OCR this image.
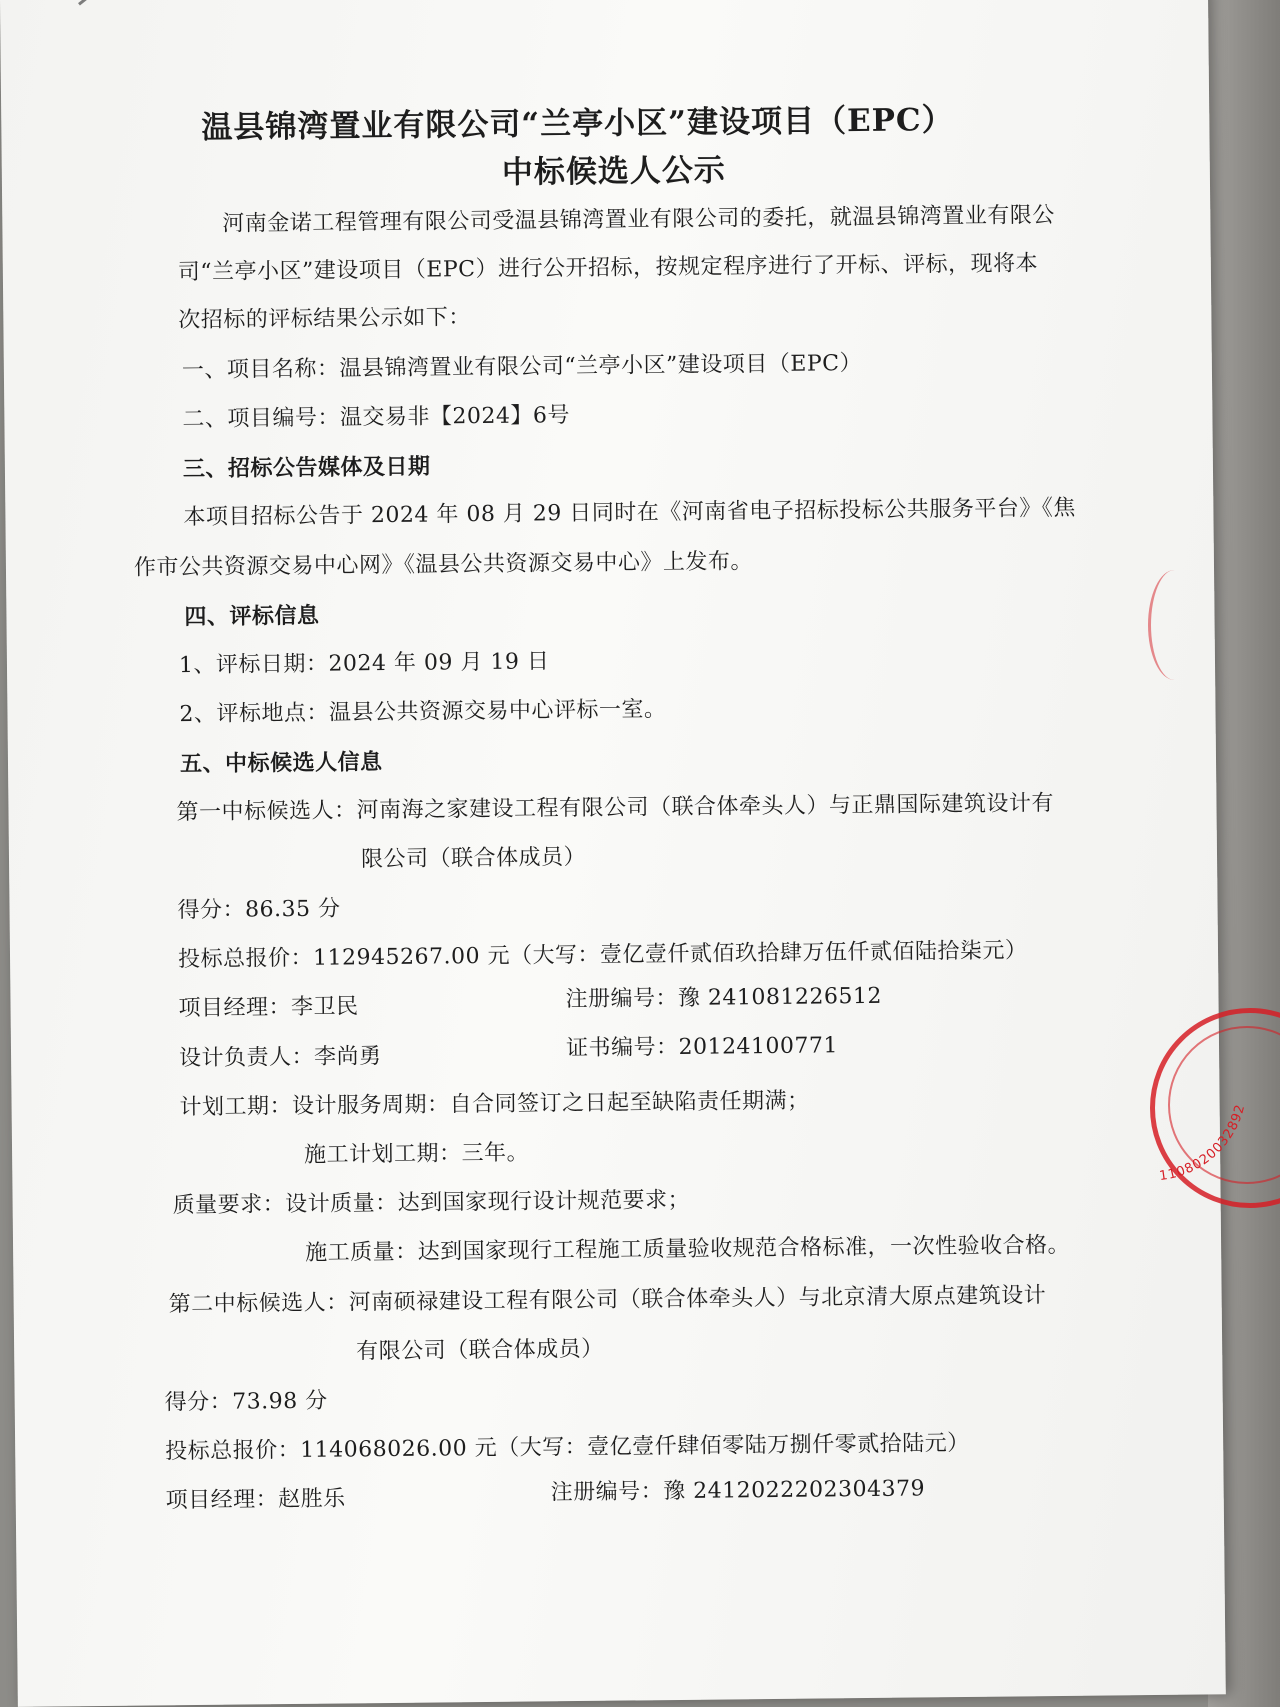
温县锦湾置业有限公司“兰亭小区”建设项目（EPC）

中标候选人公示

河南金诺工程管理有限公司受温县锦湾置业有限公司的委托，就温县锦湾置业有限公

司“兰亭小区”建设项目（EPC）进行公开招标，按规定程序进行了开标、评标，现将本

次招标的评标结果公示如下：

一、项目名称：温县锦湾置业有限公司“兰亭小区”建设项目（EPC）

二、项目编号：温交易非【2024】6号

三、招标公告媒体及日期

本项目招标公告于 2024 年 08 月 29 日同时在《河南省电子招标投标公共服务平台》《焦

作市公共资源交易中心网》《温县公共资源交易中心》上发布。

四、评标信息

1、评标日期：2024 年 09 月 19 日

2、评标地点：温县公共资源交易中心评标一室。

五、中标候选人信息

第一中标候选人：河南海之家建设工程有限公司（联合体牵头人）与正鼎国际建筑设计有

限公司（联合体成员）

得分：86.35 分

投标总报价：112945267.00 元（大写：壹亿壹仟贰佰玖拾肆万伍仟贰佰陆拾柒元）

项目经理：李卫民	注册编号：豫 241081226512

设计负责人：李尚勇	证书编号：20124100771

计划工期：设计服务周期：自合同签订之日起至缺陷责任期满；

施工计划工期：三年。

质量要求：设计质量：达到国家现行设计规范要求；

施工质量：达到国家现行工程施工质量验收规范合格标准，一次性验收合格。

第二中标候选人：河南硕禄建设工程有限公司（联合体牵头人）与北京清大原点建筑设计

有限公司（联合体成员）

得分：73.98 分

投标总报价：114068026.00 元（大写：壹亿壹仟肆佰零陆万捌仟零贰拾陆元）

项目经理：赵胜乐	注册编号：豫 2412022202304379

1108020032892
